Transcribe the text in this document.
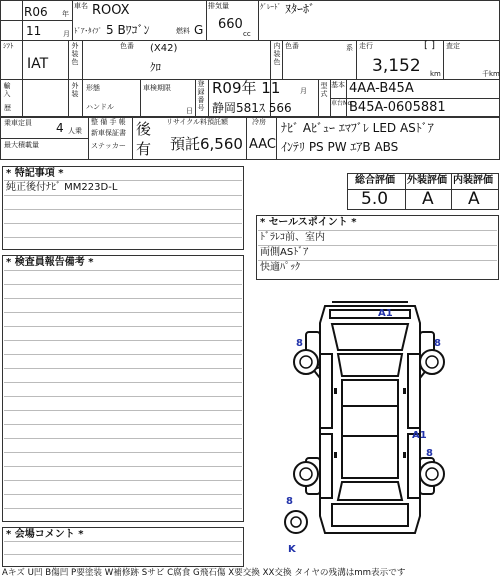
R06 年
11	月
車名 ROOX
ﾄﾞｱ･ﾀｲﾌﾟ 5 Bﾜｺﾞﾝ	燃料 G
排気量
660
cc
ｸﾞﾚｰﾄﾞ ﾇﾀｰﾎﾞ
ｼﾌﾄ
IAT	外装色	色番 (X42)
ｸﾛ
内装色 色番	系 走行	[ ]
3,152 km
査定
千km
輸入
歴
外装 形態
ハンドル
車検期限
日 登録番号 R09年 11	月
静岡581ｽ 566
型式 基本 4AA-B45A
車台No.
B45A-0605881
乗車定員 4 人乗
最大積載量
整 備 手 帳
新車保証書
ステッカー
後
有
リサイクル料預託額
預託6,560
冷房
AAC
ﾅﾋﾞ Aﾋﾞｭｰ ｴﾏﾌﾞﾚ LED ASﾄﾞｱ
ｲﾝﾃﾘ PS PW ｴｱB ABS
* 特記事項 *
純正後付ﾅﾋﾞ MM223D-L
* 検査員報告備考 *
* 会場コメント *
総合評価 外装評価 内装評価
5.0 A A
* セールスポイント *
ﾄﾞﾗﾚｺ前、室内
両側ASﾄﾞｱ
快適ﾊﾟｯｸ
A1
8	8
A1
8
8
K
Aキズ U凹 B傷凹 P要塗装 W補修跡 Sサビ C腐食 G飛石傷 X要交換 XX交換 タイヤの残溝はmm表示です
